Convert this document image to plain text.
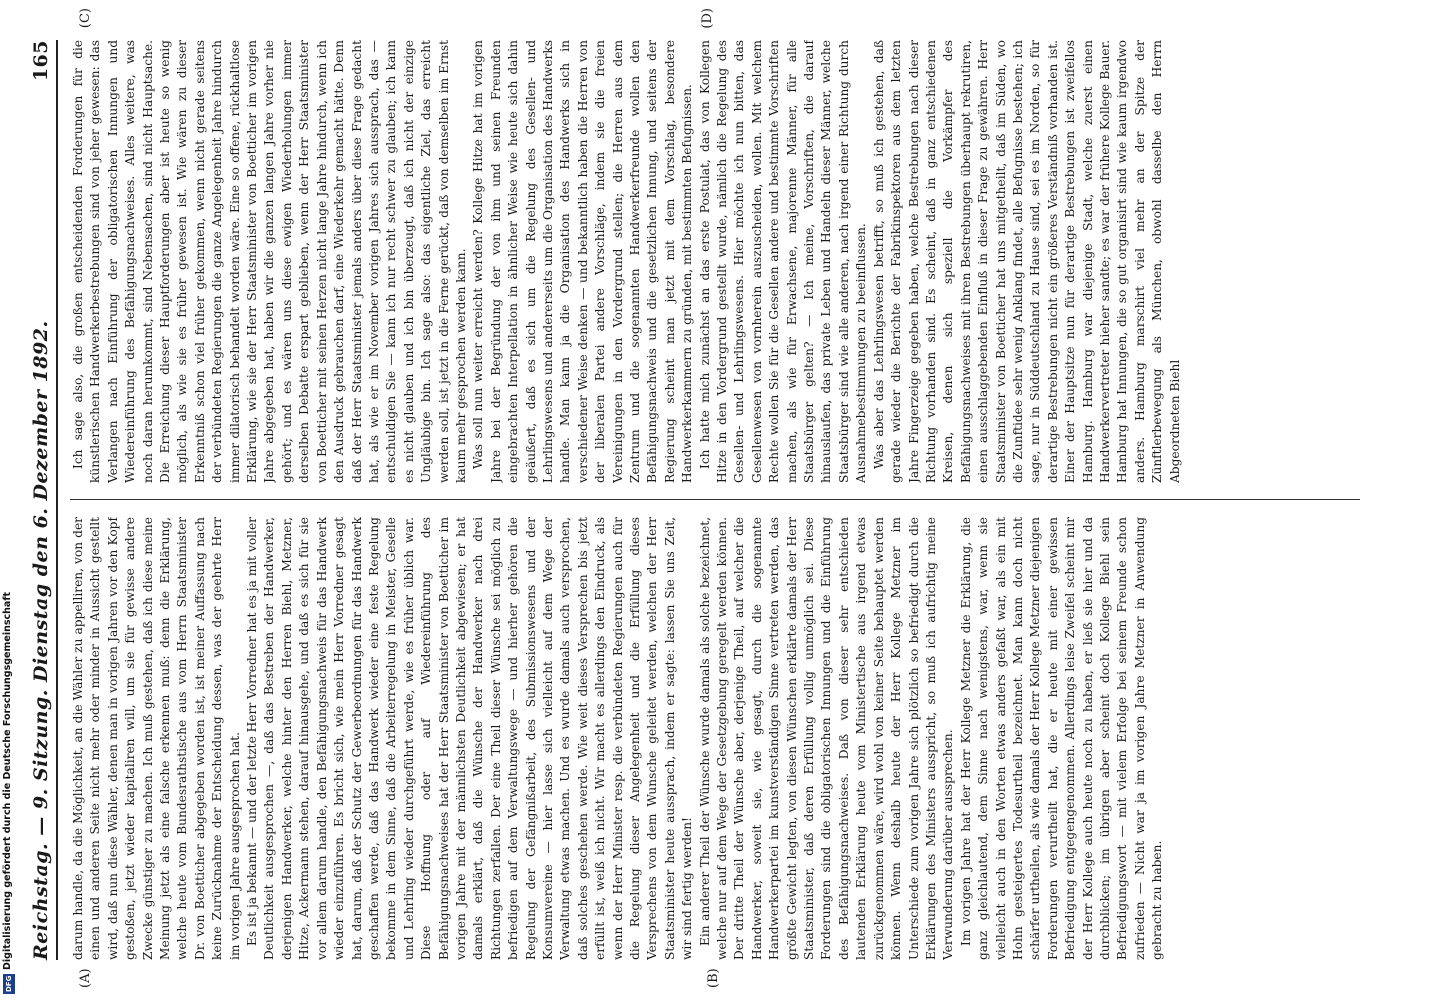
Reichstag. — 9. Sitzung. Dienstag den 6. Dezember 1892.
165
(A)	(B)
(C)	(D)

darum handle, da die Möglichkeit, an die Wähler zu appelliren, von der einen und anderen Seite nicht mehr oder minder in Aussicht gestellt wird, daß nun diese Wähler, denen man in vorigen Jahren vor den Kopf gestoßen, jetzt wieder kapitaliren will, um sie für gewisse andere Zwecke günstiger zu machen. Ich muß gestehen, daß ich diese meine Meinung jetzt als eine falsche erkennen muß: denn die Erklärung, welche heute vom Bundesrathstische aus vom Herrn Staatsminister Dr. von Boetticher abgegeben worden ist, ist meiner Auffassung nach keine Zurücknahme der Entscheidung dessen, was der geehrte Herr im vorigen Jahre ausgesprochen hat. Es ist ja bekannt — und der letzte Herr Vorredner hat es ja mit voller Deutlichkeit ausgesprochen —, daß das Bestreben der Handwerker, derjenigen Handwerker, welche hinter den Herren Biehl, Metzner, Hitze, Ackermann stehen, darauf hinausgehe, und daß es sich für sie vor allem darum handle, den Befähigungsnachweis für das Handwerk wieder einzuführen. Es bricht sich, wie mein Herr Vorredner gesagt hat, darum, daß der Schutz der Gewerbeordnungen für das Handwerk geschaffen werde, daß das Handwerk wieder eine feste Regelung bekomme in dem Sinne, daß die Arbeiterregelung in Meister, Geselle und Lehrling wieder durchgeführt werde, wie es früher üblich war. Diese Hoffnung oder auf Wiedereinführung des Befähigungsnachweises hat der Herr Staatsminister von Boetticher im vorigen Jahre mit der männlichsten Deutlichkeit abgewiesen; er hat damals erklärt, daß die Wünsche der Handwerker nach drei Richtungen zerfallen. Der eine Theil dieser Wünsche sei möglich zu befriedigen auf dem Verwaltungswege — und hierher gehören die Regelung der Gefängnißarbeit, des Submissionswesens und der Konsumvereine — hier lasse sich vielleicht auf dem Wege der Verwaltung etwas machen. Und es wurde damals auch versprochen, daß solches geschehen werde. Wie weit dieses Versprechen bis jetzt erfüllt ist, weiß ich nicht. Wir macht es allerdings den Eindruck, als wenn der Herr Minister resp. die verbündeten Regierungen auch für die Regelung dieser Angelegenheit und die Erfüllung dieses Versprechens von dem Wunsche geleitet werden, welchen der Herr Staatsminister heute aussprach, indem er sagte: lassen Sie uns Zeit, wir sind fertig werden! Ein anderer Theil der Wünsche wurde damals als solche bezeichnet, welche nur auf dem Wege der Gesetzgebung geregelt werden können. Der dritte Theil der Wünsche aber, derjenige Theil, auf welcher die Handwerker, soweit sie, wie gesagt, durch die sogenannte Handwerkerpartei im kunstverständigen Sinne vertreten werden, das größte Gewicht legten, von diesen Wünschen erklärte damals der Herr Staatsminister, daß deren Erfüllung vollig unmöglich sei. Diese Forderungen sind die obligatorischen Innungen und die Einführung des Befähigungsnachweises. Daß von dieser sehr entschieden lautenden Erklärung heute vom Ministertische aus irgend etwas zurückgenommen wäre, wird wohl von keiner Seite behauptet werden können. Wenn deshalb heute der Herr Kollege Metzner im Unterschiede zum vorigen Jahre sich plötzlich so befriedigt durch die Erklärungen des Ministers ausspricht, so muß ich aufrichtig meine Verwunderung darüber aussprechen. Im vorigen Jahre hat der Herr Kollege Metzner die Erklärung, die ganz gleichlautend, dem Sinne nach wenigstens, war, wenn sie vielleicht auch in den Worten etwas anders gefaßt war, als ein mit Hohn gesteigertes Todesurtheil bezeichnet. Man kann doch nicht schärfer urtheilen, als wie damals der Herr Kollege Metzner diejenigen Forderungen verurtheilt hat, die er heute mit einer gewissen Befriedigung entgegengenommen. Allerdings leise Zweifel scheint mir der Herr Kollege auch heute noch zu haben, er ließ sie hier und da durchblicken; im übrigen aber scheint doch Kollege Biehl sein Befriedigungswort — mit vielem Erfolge bei seinem Freunde schon zufrieden — Nicht war ja im vorigen Jahre Metzner in Anwendung gebracht zu haben.

Ich sage also, die großen entscheidenden Forderungen für die künstlerischen Handwerkerbestrebungen sind von jeher gewesen: das Verlangen nach Einführung der obligatorischen Innungen und Wiedereinführung des Befähigungsnachweises. Alles weitere, was noch daran herumkommt, sind Nebensachen, sind nicht Hauptsache. Die Erreichung dieser Hauptforderungen aber ist heute so wenig möglich, als wie sie es früher gewesen ist. Wie wären zu dieser Erkenntniß schon viel früher gekommen, wenn nicht gerade seitens der verbündeten Regierungen die ganze Angelegenheit Jahre hindurch immer dilatorisch behandelt worden wäre. Eine so offene, rückhaltlose Erklärung, wie sie der Herr Staatsminister von Boetticher im vorigen Jahre abgegeben hat, haben wir die ganzen langen Jahre vorher nie gehört; und es wären uns diese ewigen Wiederholungen immer derselben Debatte erspart geblieben, wenn der Herr Staatsminister von Boetticher mit seinen Herzen nicht lange Jahre hindurch, wenn ich den Ausdruck gebrauchen darf, eine Wiederkehr gemacht hätte. Denn daß der Herr Staatsminister jemals anders über diese Frage gedacht hat, als wie er im November vorigen Jahres sich aussprach, das — entschuldigen Sie — kann ich nur recht schwer zu glauben; ich kann es nicht glauben und ich bin überzeugt, daß ich nicht der einzige Ungläubige bin. Ich sage also: das eigentliche Ziel, das erreicht werden soll, ist jetzt in die Ferne gerückt, daß von demselben im Ernst kaum mehr gesprochen werden kann. Was soll nun weiter erreicht werden? Kollege Hitze hat im vorigen Jahre bei der Begründung der von ihm und seinen Freunden eingebrachten Interpellation in ähnlicher Weise wie heute sich dahin geäußert, daß es sich um die Regelung des Gesellen- und Lehrlingswesens und andererseits um die Organisation des Handwerks handle. Man kann ja die Organisation des Handwerks sich in verschiedener Weise denken — und bekanntlich haben die Herren von der liberalen Partei andere Vorschläge, indem sie die freien Vereinigungen in den Vordergrund stellen; die Herren aus dem Zentrum und die sogenannten Handwerkerfreunde wollen den Befähigungsnachweis und die gesetzlichen Innung, und seitens der Regierung scheint man jetzt mit dem Vorschlag, besondere Handwerkerkammern zu gründen, mit bestimmten Befugnissen. Ich hatte mich zunächst an das erste Postulat, das von Kollegen Hitze in den Vordergrund gestellt wurde, nämlich die Regelung des Gesellen- und Lehrlingswesens. Hier möchte ich nun bitten, das Gesellenwesen von vornherein auszuscheiden, wollen. Mit welchem Rechte wollen Sie für die Gesellen andere und bestimmte Vorschriften machen, als wie für Erwachsene, majorenne Männer, für alle Staatsbürger gelten? — Ich meine, Vorschriften, die darauf hinauslaufen, das private Leben und Handeln dieser Männer, welche Staatsbürger sind wie alle anderen, nach irgend einer Richtung durch Ausnahmebestimmungen zu beeinflussen. Was aber das Lehrlingswesen betrifft, so muß ich gestehen, daß gerade wieder die Berichte der Fabrikinspektoren aus dem letzten Jahre Fingerzeige gegeben haben, welche Bestrebungen nach dieser Richtung vorhanden sind. Es scheint, daß in ganz entschiedenen Kreisen, denen sich speziell die Vorkämpfer des Befähigungsnachweises mit ihren Bestrebungen überhaupt rekrutiren, einen ausschlaggebenden Einfluß in dieser Frage zu gewähren. Herr Staatsminister von Boetticher hat uns mitgetheilt, daß im Süden, wo die Zunftidee sehr wenig Anklang findet, alle Befugnisse bestehen; ich sage, nur in Süddeutschland zu Hause sind, sei es im Norden, so für derartige Bestrebungen nicht ein größeres Verständniß vorhanden ist. Einer der Hauptsitze nun für derartige Bestrebungen ist zweifellos Hamburg. Hamburg war diejenige Stadt, welche zuerst einen Handwerkervertreter hieher sandte; es war der frühere Kollege Bauer. Hamburg hat Innungen, die so gut organisirt sind wie kaum irgendwo anders. Hamburg marschirt viel mehr an der Spitze der Zünftlerbewegung als München, obwohl dasselbe den Herrn Abgeordneten Biehl

Digitalisierung gefördert durch die Deutsche Forschungsgemeinschaft
DFG
